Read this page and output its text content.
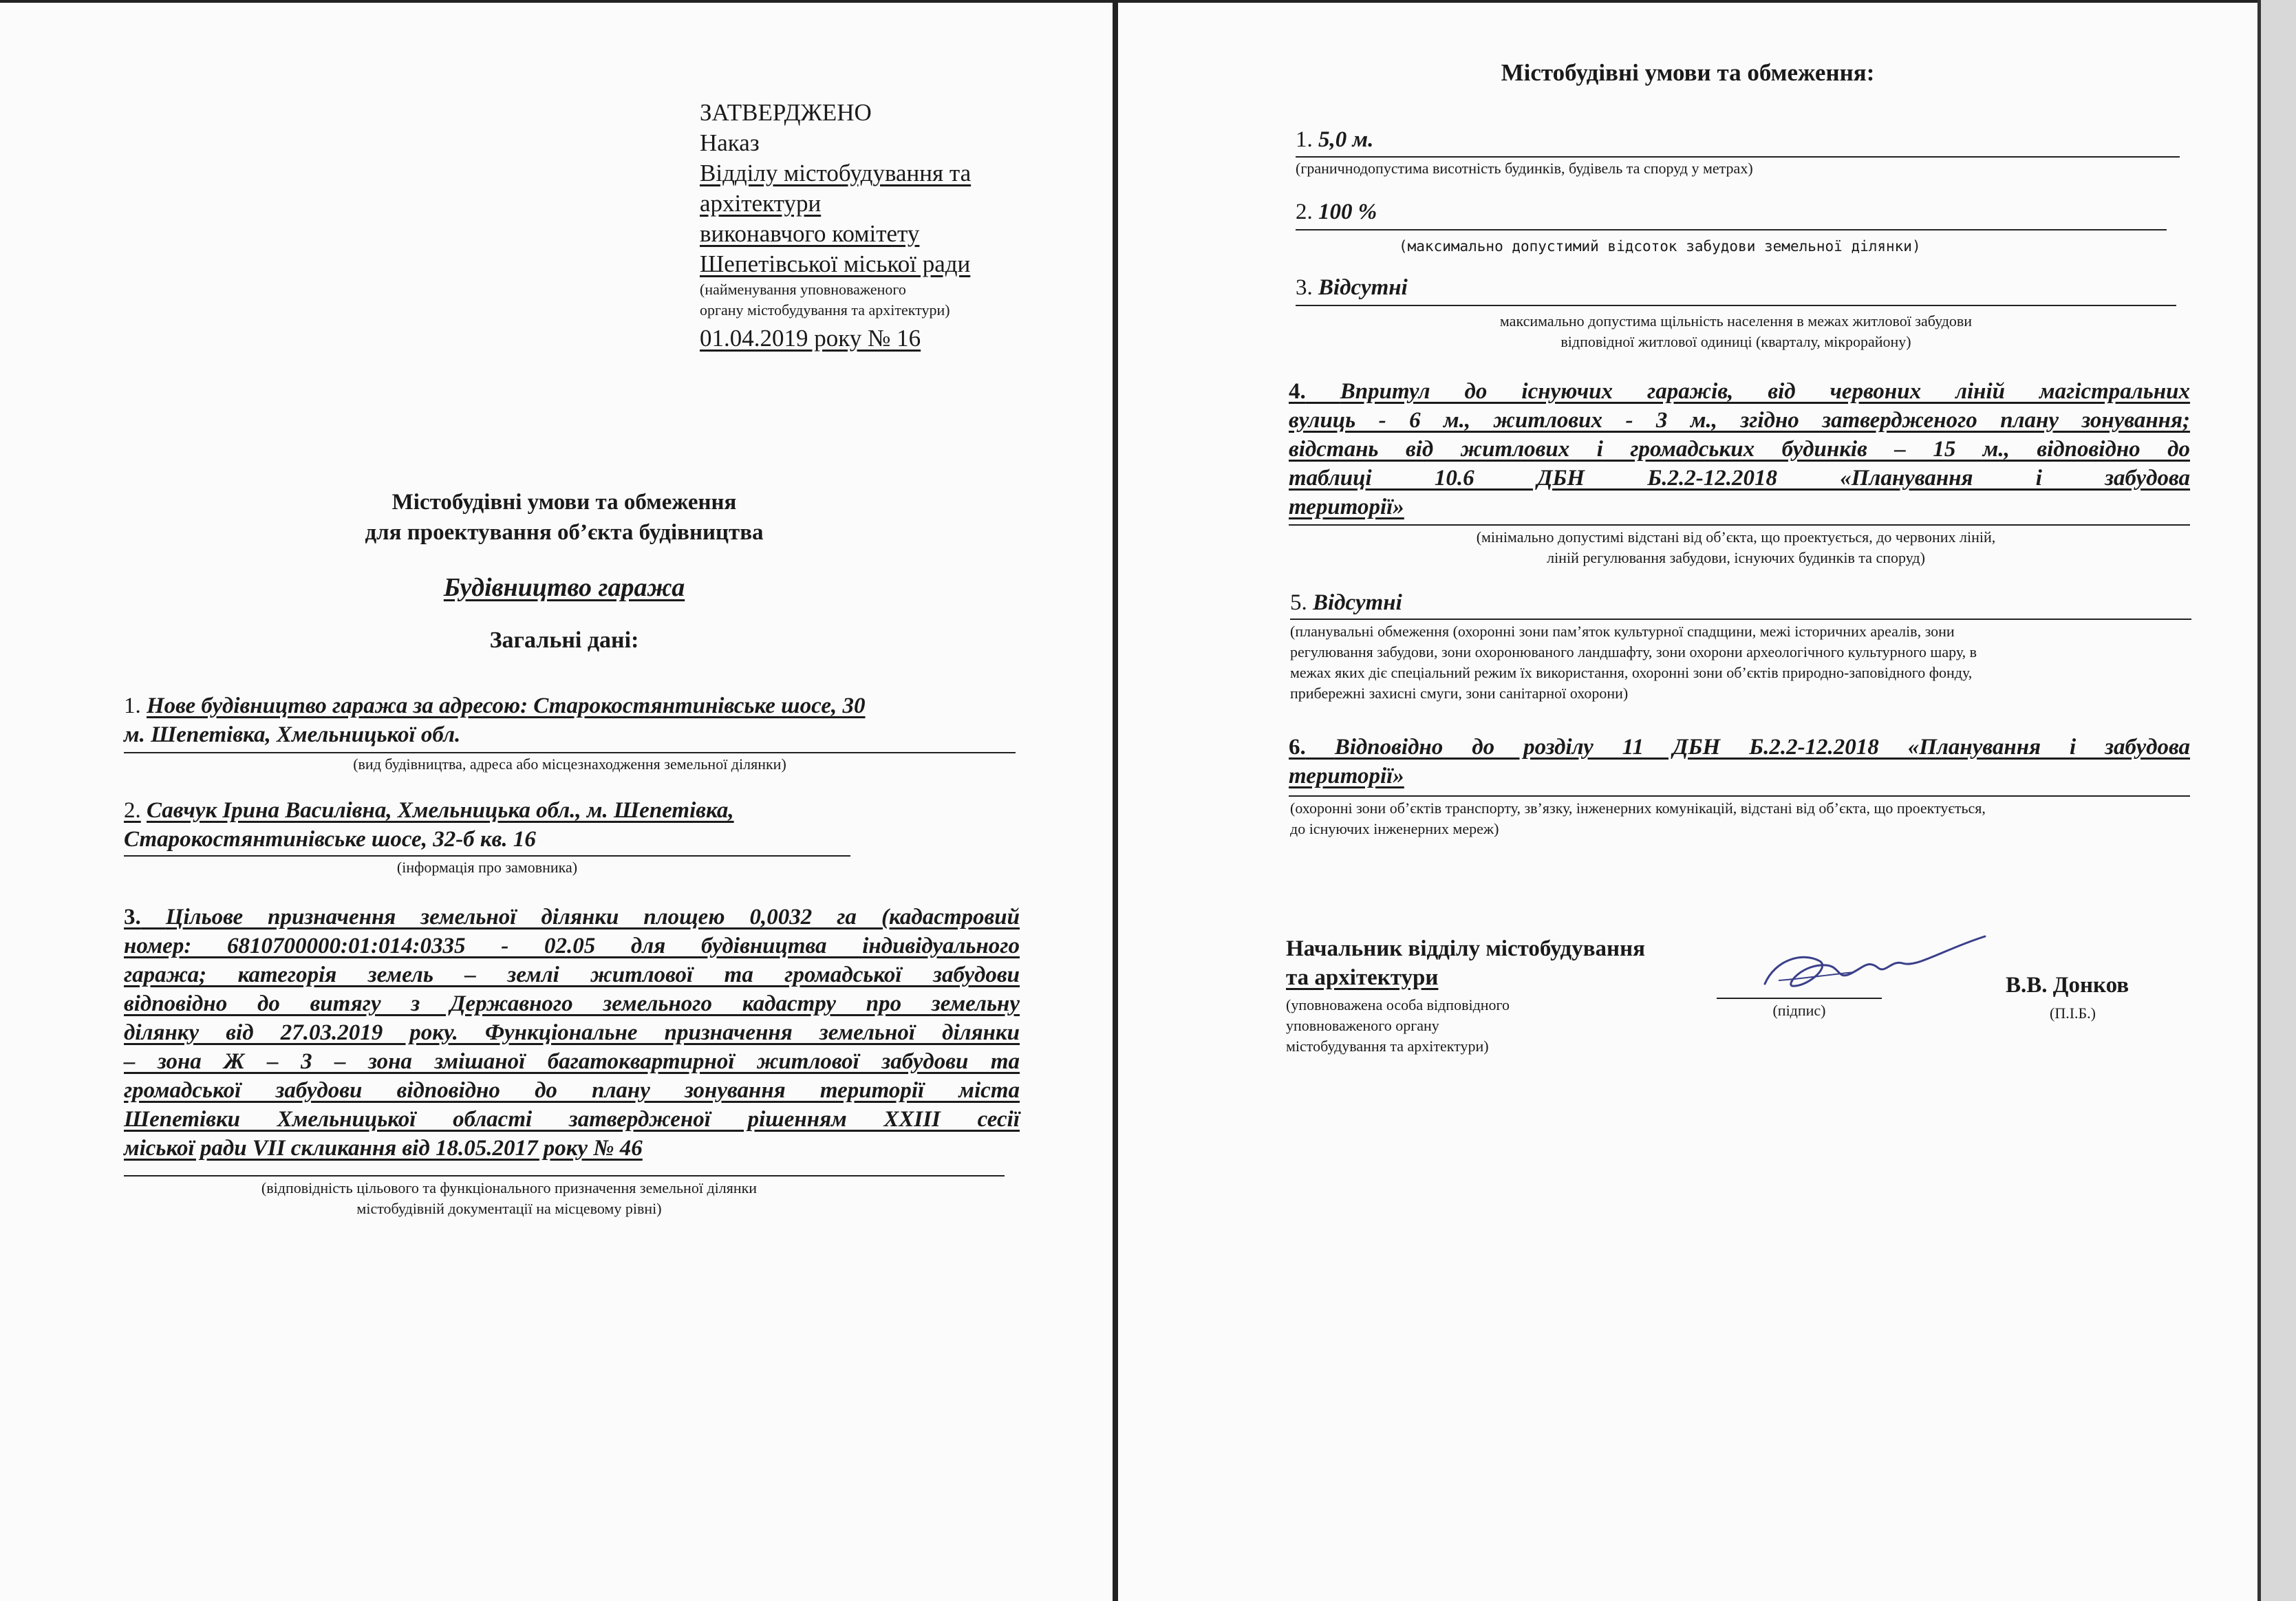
ЗАТВЕРДЖЕНО
Наказ
Відділу містобудування та
архітектури
виконавчого комітету
Шепетівської міської ради
(найменування уповноваженого
органу містобудування та архітектури)
01.04.2019 року № 16
Містобудівні умови та обмеження
для проектування об’єкта будівництва
Будівництво гаража
Загальні дані:
1. Нове будівництво гаража за адресою: Старокостянтинівське шосе, 30
м. Шепетівка, Хмельницької обл.
(вид будівництва, адреса або місцезнаходження земельної ділянки)
2. Савчук Ірина Василівна, Хмельницька обл., м. Шепетівка,
Старокостянтинівське шосе, 32-б кв. 16
(інформація про замовника)
3. Цільове призначення земельної ділянки площею 0,0032 га (кадастровий
номер: 6810700000:01:014:0335 - 02.05 для будівництва індивідуального
гаража; категорія земель – землі житлової та громадської забудови
відповідно до витягу з Державного земельного кадастру про земельну
ділянку від 27.03.2019 року. Функціональне призначення земельної ділянки
– зона Ж – 3 – зона змішаної багатоквартирної житлової забудови та
громадської забудови відповідно до плану зонування території міста
Шепетівки Хмельницької області затвердженої рішенням XXIII сесії
міської ради VII скликання від 18.05.2017 року № 46
(відповідність цільового та функціонального призначення земельної ділянки
містобудівній документації на місцевому рівні)
Містобудівні умови та обмеження:
1. 5,0 м.
(граничнодопустима висотність будинків, будівель та споруд у метрах)
2. 100 %
(максимально допустимий відсоток забудови земельної ділянки)
3. Відсутні
максимально допустима щільність населення в межах житлової забудови
відповідної житлової одиниці (кварталу, мікрорайону)
4. Впритул до існуючих гаражів, від червоних ліній магістральних
вулиць - 6 м., житлових - 3 м., згідно затвердженого плану зонування;
відстань від житлових і громадських будинків – 15 м., відповідно до
таблиці 10.6 ДБН Б.2.2-12.2018 «Планування і забудова
території»
(мінімально допустимі відстані від об’єкта, що проектується, до червоних ліній,
ліній регулювання забудови, існуючих будинків та споруд)
5. Відсутні
(планувальні обмеження (охоронні зони пам’яток культурної спадщини, межі історичних ареалів, зони
регулювання забудови, зони охоронюваного ландшафту, зони охорони археологічного культурного шару, в
межах яких діє спеціальний режим їх використання, охоронні зони об’єктів природно-заповідного фонду,
прибережні захисні смуги, зони санітарної охорони)
6. Відповідно до розділу 11 ДБН Б.2.2-12.2018 «Планування і забудова
території»
(охоронні зони об’єктів транспорту, зв’язку, інженерних комунікацій, відстані від об’єкта, що проектується,
до існуючих інженерних мереж)
Начальник відділу містобудування
та архітектури
(уповноважена особа відповідного
уповноваженого органу
містобудування та архітектури)
(підпис)
В.В. Донков
(П.І.Б.)
